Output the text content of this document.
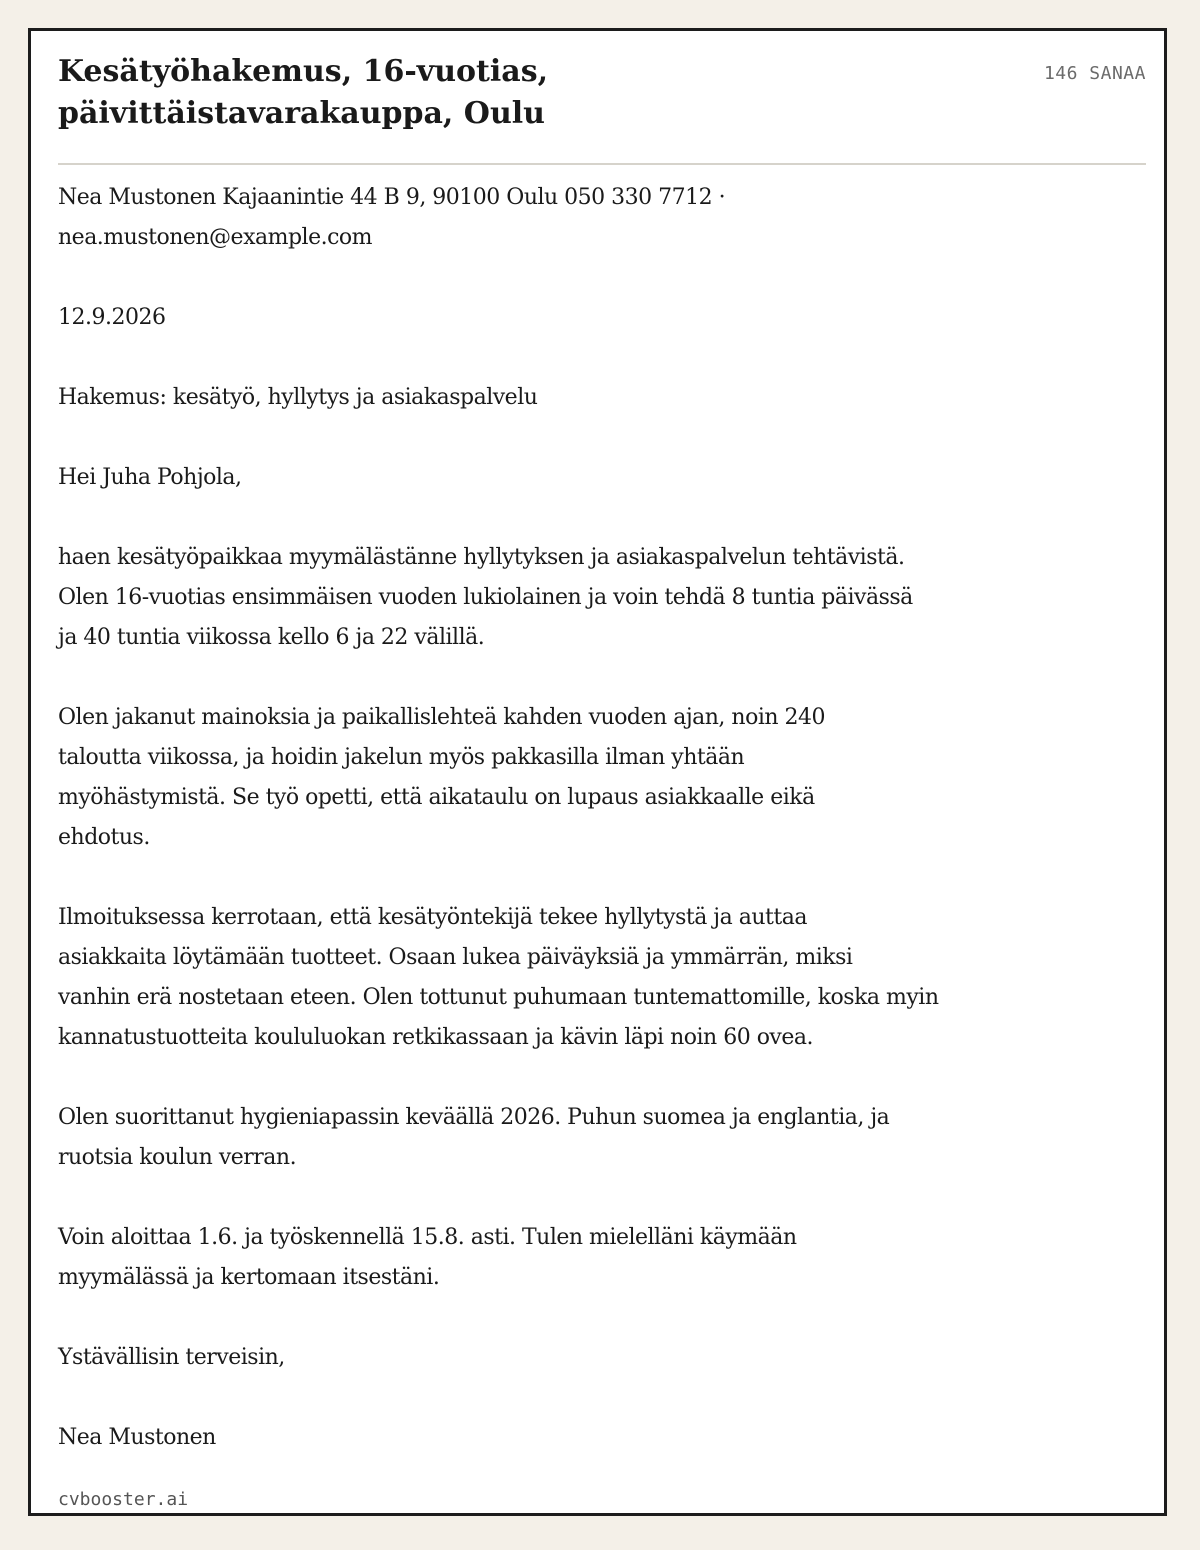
Kesätyöhakemus, 16-vuotias,
päivittäistavarakauppa, Oulu
146 SANAA

Nea Mustonen Kajaanintie 44 B 9, 90100 Oulu 050 330 7712 ·
nea.mustonen@example.com

12.9.2026

Hakemus: kesätyö, hyllytys ja asiakaspalvelu

Hei Juha Pohjola,

haen kesätyöpaikkaa myymälästänne hyllytyksen ja asiakaspalvelun tehtävistä.
Olen 16-vuotias ensimmäisen vuoden lukiolainen ja voin tehdä 8 tuntia päivässä
ja 40 tuntia viikossa kello 6 ja 22 välillä.

Olen jakanut mainoksia ja paikallislehteä kahden vuoden ajan, noin 240
taloutta viikossa, ja hoidin jakelun myös pakkasilla ilman yhtään
myöhästymistä. Se työ opetti, että aikataulu on lupaus asiakkaalle eikä
ehdotus.

Ilmoituksessa kerrotaan, että kesätyöntekijä tekee hyllytystä ja auttaa
asiakkaita löytämään tuotteet. Osaan lukea päiväyksiä ja ymmärrän, miksi
vanhin erä nostetaan eteen. Olen tottunut puhumaan tuntemattomille, koska myin
kannatustuotteita koululuokan retkikassaan ja kävin läpi noin 60 ovea.

Olen suorittanut hygieniapassin keväällä 2026. Puhun suomea ja englantia, ja
ruotsia koulun verran.

Voin aloittaa 1.6. ja työskennellä 15.8. asti. Tulen mielelläni käymään
myymälässä ja kertomaan itsestäni.

Ystävällisin terveisin,

Nea Mustonen

cvbooster.ai
